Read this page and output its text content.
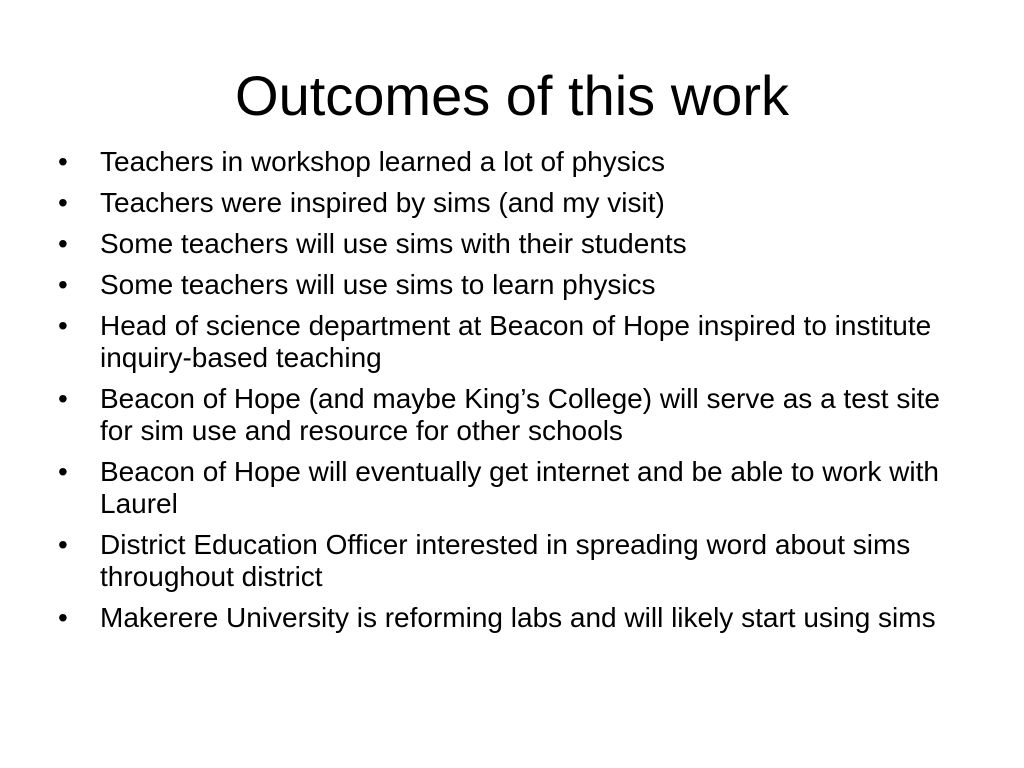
Outcomes of this work
•	Teachers in workshop learned a lot of physics
•	Teachers were inspired by sims (and my visit)
•	Some teachers will use sims with their students
•	Some teachers will use sims to learn physics
•	Head of science department at Beacon of Hope inspired to institute inquiry-based teaching
•	Beacon of Hope (and maybe King’s College) will serve as a test site for sim use and resource for other schools
•	Beacon of Hope will eventually get internet and be able to work with Laurel
•	District Education Officer interested in spreading word about sims throughout district
•	Makerere University is reforming labs and will likely start using sims
